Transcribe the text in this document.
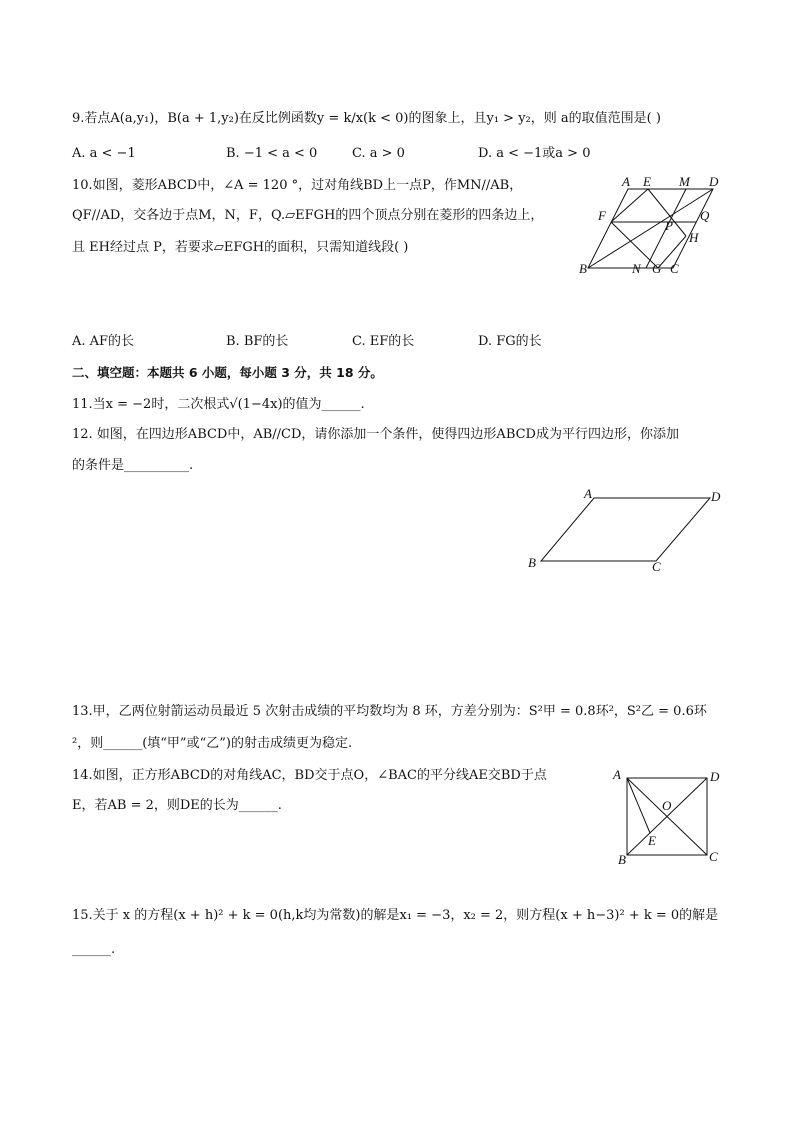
9.若点A(a,y₁)，B(a + 1,y₂)在反比例函数y = k/x(k < 0)的图象上，且y₁ > y₂，则 a的取值范围是( )
A. a < −1	B. −1 < a < 0	C. a > 0	D. a < −1或a > 0
10.如图，菱形ABCD中，∠A = 120 °，过对角线BD上一点P，作MN//AB，
QF//AD，交各边于点M，N，F，Q.▱EFGH的四个顶点分别在菱形的四条边上，
且 EH经过点 P，若要求▱EFGH的面积，只需知道线段( )
A E M D
F	Q
P
H
B	N G C
A. AF的长	B. BF的长	C. EF的长	D. FG的长
二、填空题：本题共 6 小题，每小题 3 分，共 18 分。
11.当x = −2时，二次根式√(1−4x)的值为______.
12. 如图，在四边形ABCD中，AB//CD，请你添加一个条件，使得四边形ABCD成为平行四边形，你添加
的条件是__________.
A	D
B	C
13.甲，乙两位射箭运动员最近 5 次射击成绩的平均数均为 8 环，方差分别为：S²甲 = 0.8环²，S²乙 = 0.6环
²，则______(填“甲”或“乙”)的射击成绩更为稳定.
14.如图，正方形ABCD的对角线AC，BD交于点O，∠BAC的平分线AE交BD于点
E，若AB = 2，则DE的长为______.
A	D
O
E
B	C
15.关于 x 的方程(x + h)² + k = 0(h,k均为常数)的解是x₁ = −3，x₂ = 2，则方程(x + h−3)² + k = 0的解是
______.
